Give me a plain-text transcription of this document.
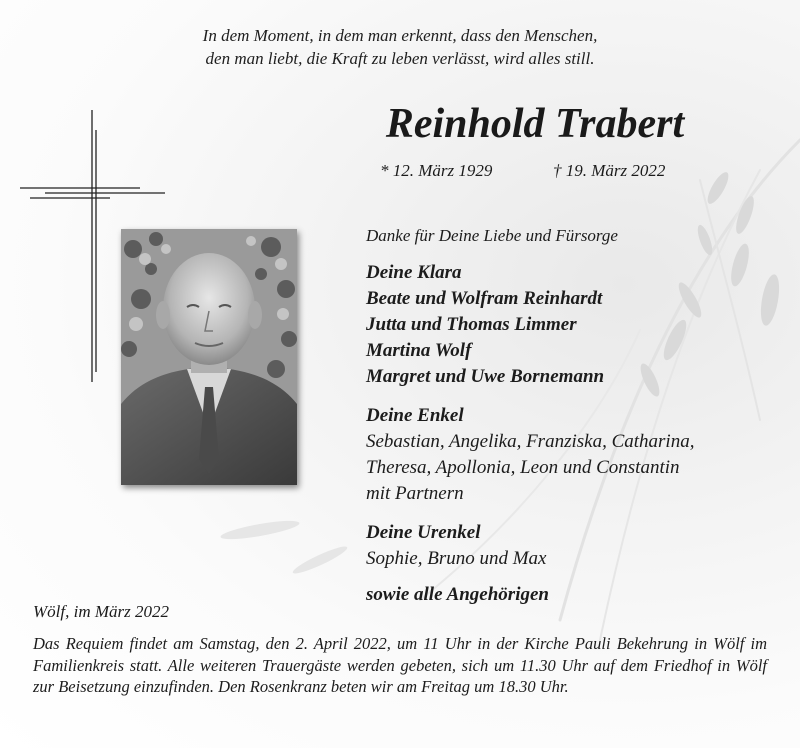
In dem Moment, in dem man erkennt, dass den Menschen,
den man liebt, die Kraft zu leben verlässt, wird alles still.
Reinhold Trabert
* 12. März 1929	† 19. März 2022
Danke für Deine Liebe und Fürsorge
Deine Klara
Beate und Wolfram Reinhardt
Jutta und Thomas Limmer
Martina Wolf
Margret und Uwe Bornemann
Deine Enkel
Sebastian, Angelika, Franziska, Catharina,
Theresa, Apollonia, Leon und Constantin
mit Partnern
Deine Urenkel
Sophie, Bruno und Max
sowie alle Angehörigen
Wölf, im März 2022
Das Requiem findet am Samstag, den 2. April 2022, um 11 Uhr in der Kirche Pauli Bekehrung in Wölf im Familienkreis statt. Alle weiteren Trauergäste werden gebeten, sich um 11.30 Uhr auf dem Friedhof in Wölf zur Beisetzung einzufinden. Den Rosenkranz beten wir am Freitag um 18.30 Uhr.
